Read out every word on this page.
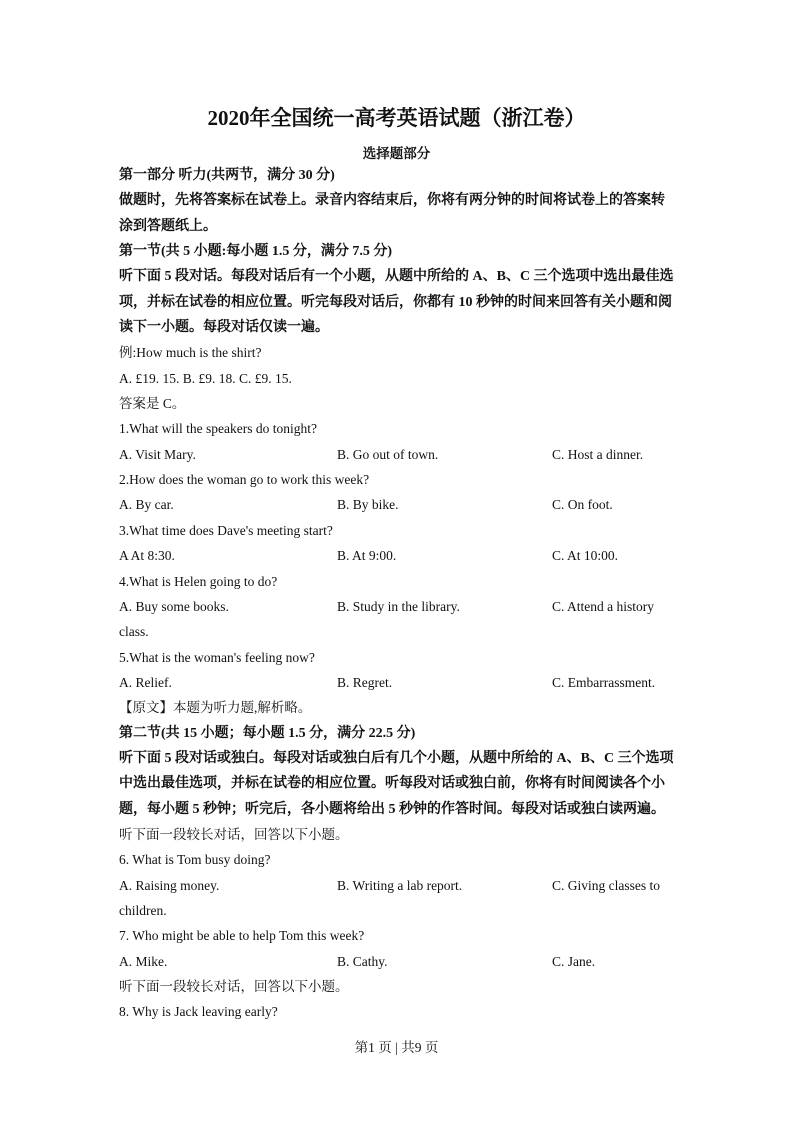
2020年全国统一高考英语试题（浙江卷）
选择题部分
第一部分 听力(共两节，满分 30 分)
做题时，先将答案标在试卷上。录音内容结束后，你将有两分钟的时间将试卷上的答案转
涂到答题纸上。
第一节(共 5 小题:每小题 1.5 分，满分 7.5 分)
听下面 5 段对话。每段对话后有一个小题，从题中所给的 A、B、C 三个选项中选出最佳选
项，并标在试卷的相应位置。听完每段对话后，你都有 10 秒钟的时间来回答有关小题和阅
读下一小题。每段对话仅读一遍。
例:How much is the shirt?
A. £19. 15. B. £9. 18. C. £9. 15.
答案是 C。
1.What will the speakers do tonight?
A. Visit Mary.	B. Go out of town.	C. Host a dinner.
2.How does the woman go to work this week?
A. By car.	B. By bike.	C. On foot.
3.What time does Dave's meeting start?
A At 8:30.	B. At 9:00.	C. At 10:00.
4.What is Helen going to do?
A. Buy some books.	B. Study in the library.	C. Attend a history
class.
5.What is the woman's feeling now?
A. Relief.	B. Regret.	C. Embarrassment.
【原文】本题为听力题,解析略。
第二节(共 15 小题；每小题 1.5 分，满分 22.5 分)
听下面 5 段对话或独白。每段对话或独白后有几个小题，从题中所给的 A、B、C 三个选项
中选出最佳选项，并标在试卷的相应位置。听每段对话或独白前，你将有时间阅读各个小
题，每小题 5 秒钟；听完后，各小题将给出 5 秒钟的作答时间。每段对话或独白读两遍。
听下面一段较长对话，回答以下小题。
6. What is Tom busy doing?
A. Raising money.	B. Writing a lab report.	C. Giving classes to
children.
7. Who might be able to help Tom this week?
A. Mike.	B. Cathy.	C. Jane.
听下面一段较长对话，回答以下小题。
8. Why is Jack leaving early?
第1 页 | 共9 页
